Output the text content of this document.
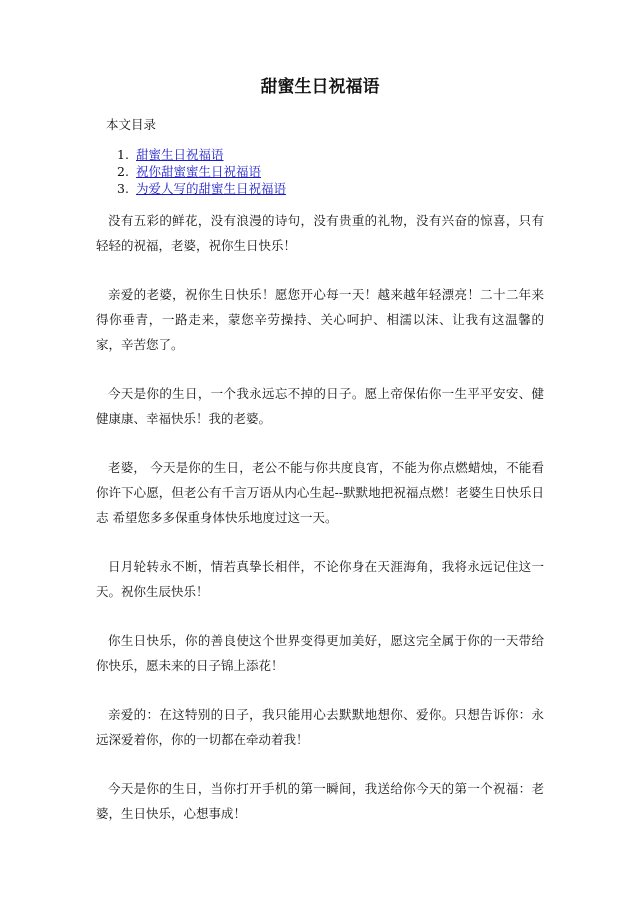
甜蜜生日祝福语
本文目录
1. 甜蜜生日祝福语
2. 祝你甜蜜蜜生日祝福语
3. 为爱人写的甜蜜生日祝福语

没有五彩的鲜花，没有浪漫的诗句，没有贵重的礼物，没有兴奋的惊喜，只有轻轻的祝福，老婆，祝你生日快乐！

亲爱的老婆，祝你生日快乐！愿您开心每一天！越来越年轻漂亮！二十二年来得你垂青，一路走来，蒙您辛劳操持、关心呵护、相濡以沫、让我有这温馨的家，辛苦您了。

今天是你的生日，一个我永远忘不掉的日子。愿上帝保佑你一生平平安安、健健康康、幸福快乐！我的老婆。

老婆， 今天是你的生日，老公不能与你共度良宵，不能为你点燃蜡烛，不能看你许下心愿，但老公有千言万语从内心生起--默默地把祝福点燃！老婆生日快乐日志 希望您多多保重身体快乐地度过这一天。

日月轮转永不断，情若真挚长相伴，不论你身在天涯海角，我将永远记住这一天。祝你生辰快乐！

你生日快乐，你的善良使这个世界变得更加美好，愿这完全属于你的一天带给你快乐，愿未来的日子锦上添花！

亲爱的：在这特别的日子，我只能用心去默默地想你、爱你。只想告诉你：永远深爱着你，你的一切都在牵动着我！

今天是你的生日，当你打开手机的第一瞬间，我送给你今天的第一个祝福：老婆，生日快乐，心想事成！
